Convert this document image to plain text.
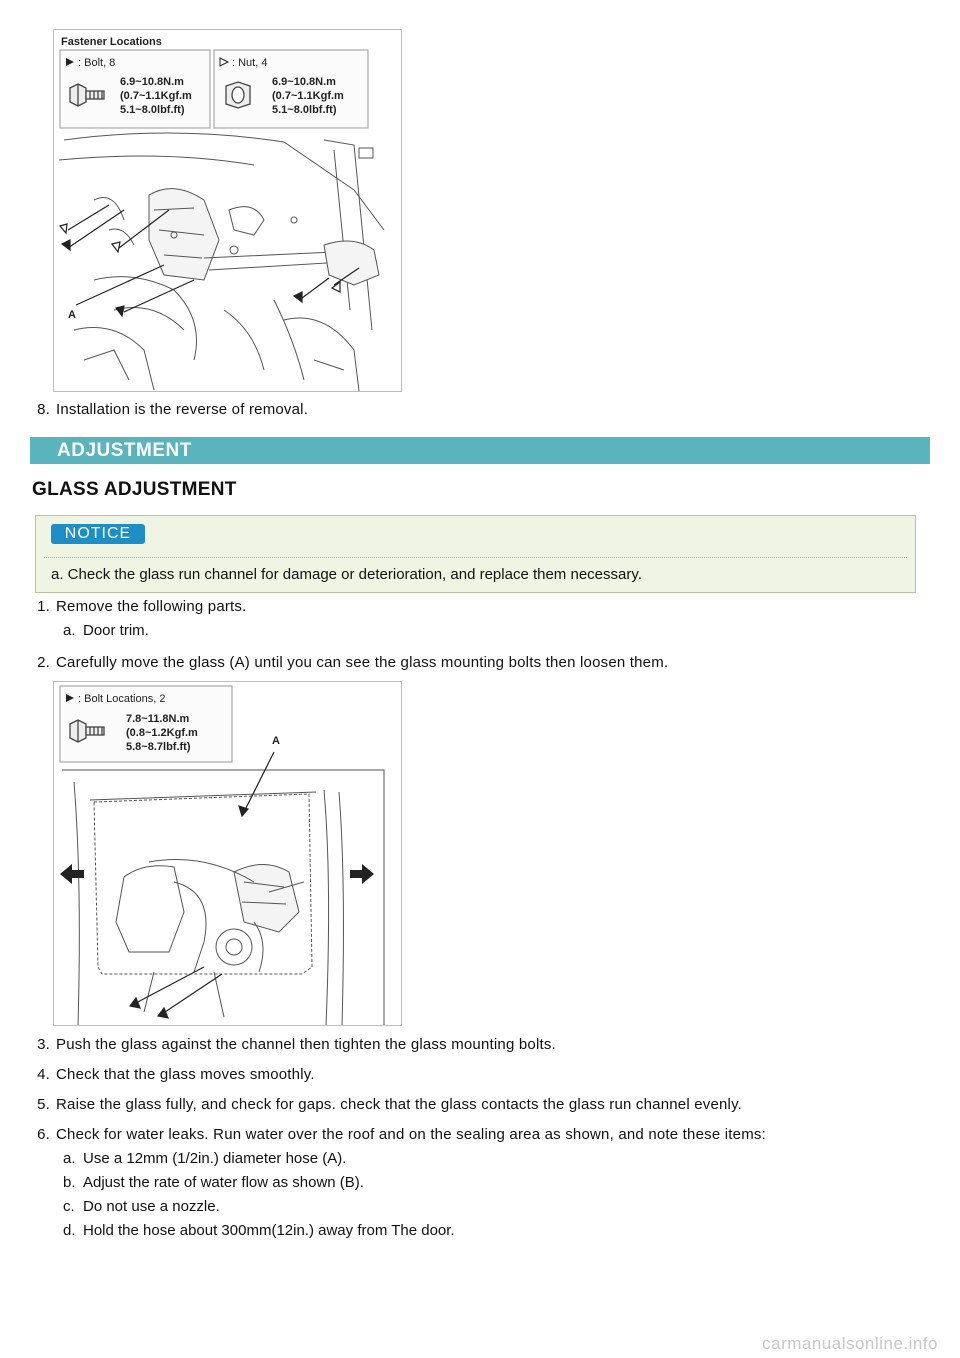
Fastener Locations
: Bolt, 8
6.9~10.8N.m
(0.7~1.1Kgf.m
5.1~8.0lbf.ft)
: Nut, 4
6.9~10.8N.m
(0.7~1.1Kgf.m
5.1~8.0lbf.ft)
A
8. Installation is the reverse of removal.
ADJUSTMENT
GLASS ADJUSTMENT
NOTICE
a. Check the glass run channel for damage or deterioration, and replace them necessary.
1. Remove the following parts.
a. Door trim.
2. Carefully move the glass (A) until you can see the glass mounting bolts then loosen them.
: Bolt Locations, 2
7.8~11.8N.m
(0.8~1.2Kgf.m
5.8~8.7lbf.ft)	A
3. Push the glass against the channel then tighten the glass mounting bolts.
4. Check that the glass moves smoothly.
5. Raise the glass fully, and check for gaps. check that the glass contacts the glass run channel evenly.
6. Check for water leaks. Run water over the roof and on the sealing area as shown, and note these items:
a. Use a 12mm (1/2in.) diameter hose (A).
b. Adjust the rate of water flow as shown (B).
c. Do not use a nozzle.
d. Hold the hose about 300mm(12in.) away from The door.
carmanualsonline.info
